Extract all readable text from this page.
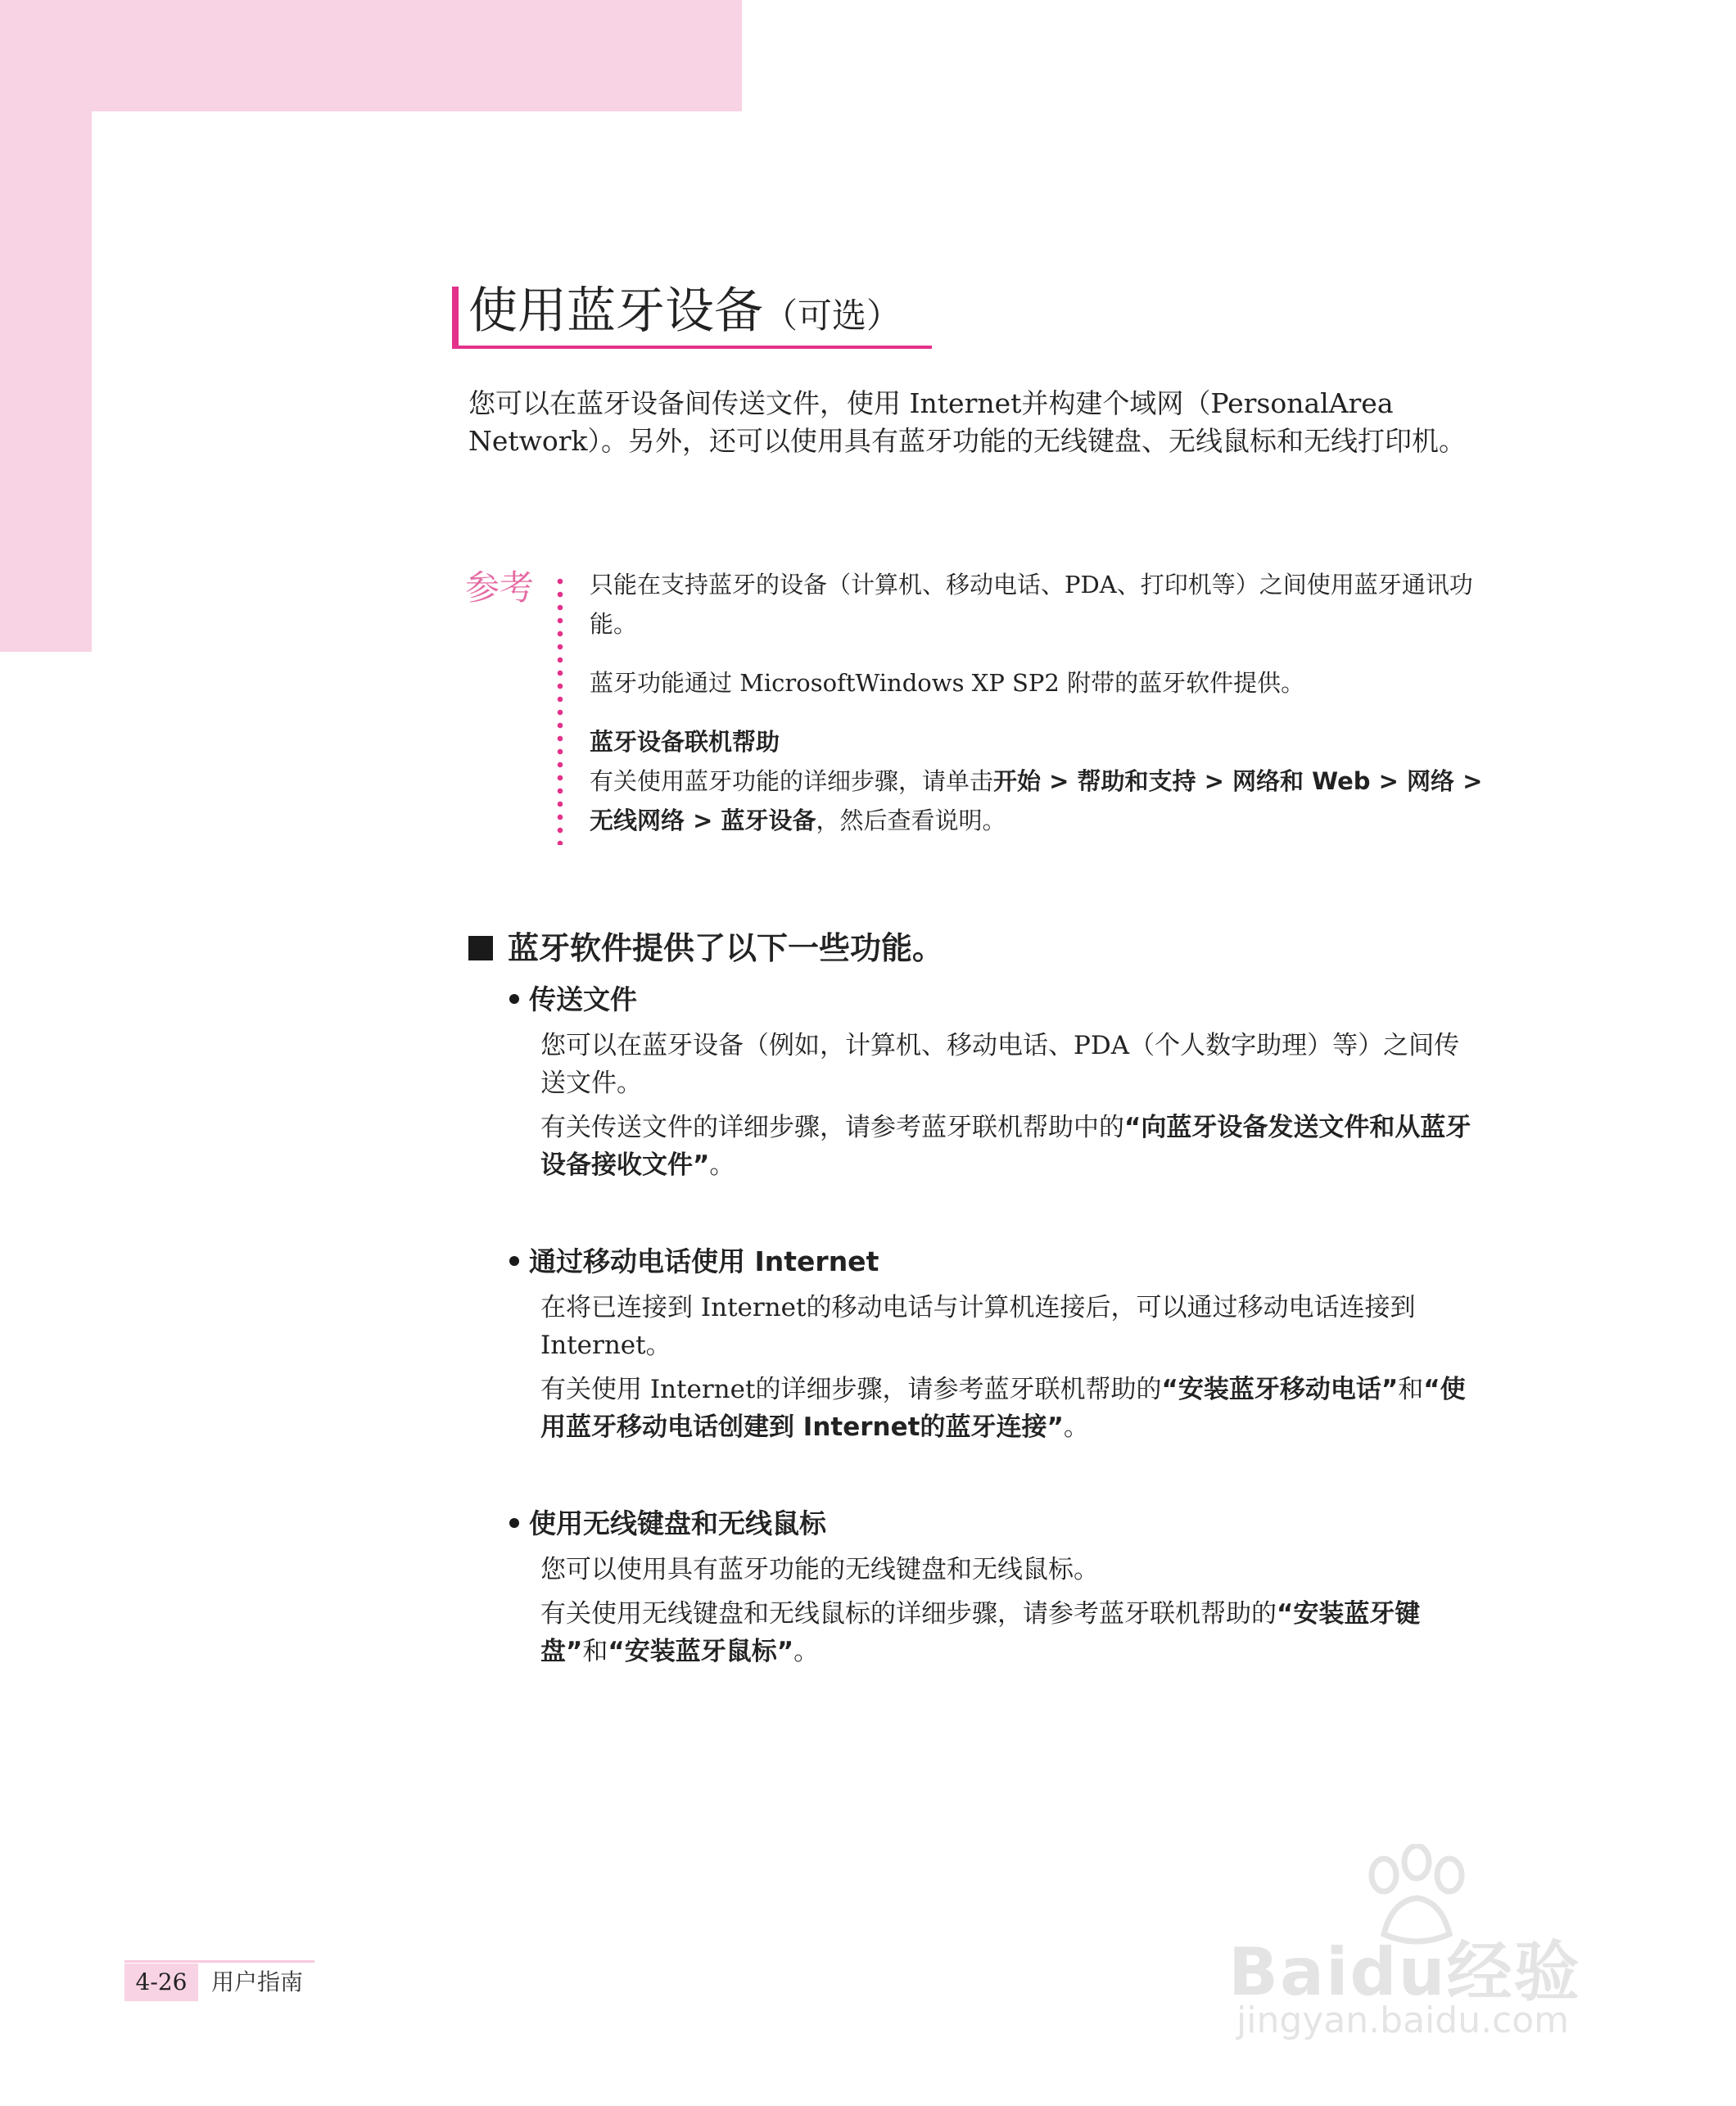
使用蓝牙设备（可选）
您可以在蓝牙设备间传送文件，使用 Internet并构建个域网（PersonalArea Network）。另外，还可以使用具有蓝牙功能的无线键盘、无线鼠标和无线打印机。
参考 只能在支持蓝牙的设备（计算机、移动电话、PDA、打印机等）之间使用蓝牙通讯功能。

蓝牙功能通过 MicrosoftWindows XP SP2 附带的蓝牙软件提供。

蓝牙设备联机帮助

有关使用蓝牙功能的详细步骤，请单击开始 > 帮助和支持 > 网络和 Web > 网络 > 无线网络 > 蓝牙设备，然后查看说明。

蓝牙软件提供了以下一些功能。
传送文件

您可以在蓝牙设备（例如，计算机、移动电话、PDA（个人数字助理）等）之间传送文件。

有关传送文件的详细步骤，请参考蓝牙联机帮助中的“向蓝牙设备发送文件和从蓝牙设备接收文件”。

通过移动电话使用 Internet

在将已连接到 Internet的移动电话与计算机连接后，可以通过移动电话连接到 Internet。

有关使用 Internet的详细步骤，请参考蓝牙联机帮助的“安装蓝牙移动电话”和“使用蓝牙移动电话创建到 Internet的蓝牙连接”。

使用无线键盘和无线鼠标

您可以使用具有蓝牙功能的无线键盘和无线鼠标。

有关使用无线键盘和无线鼠标的详细步骤，请参考蓝牙联机帮助的“安装蓝牙键盘”和“安装蓝牙鼠标”。

4-26	用户指南	Baidu经验
jingyan.baidu.com
